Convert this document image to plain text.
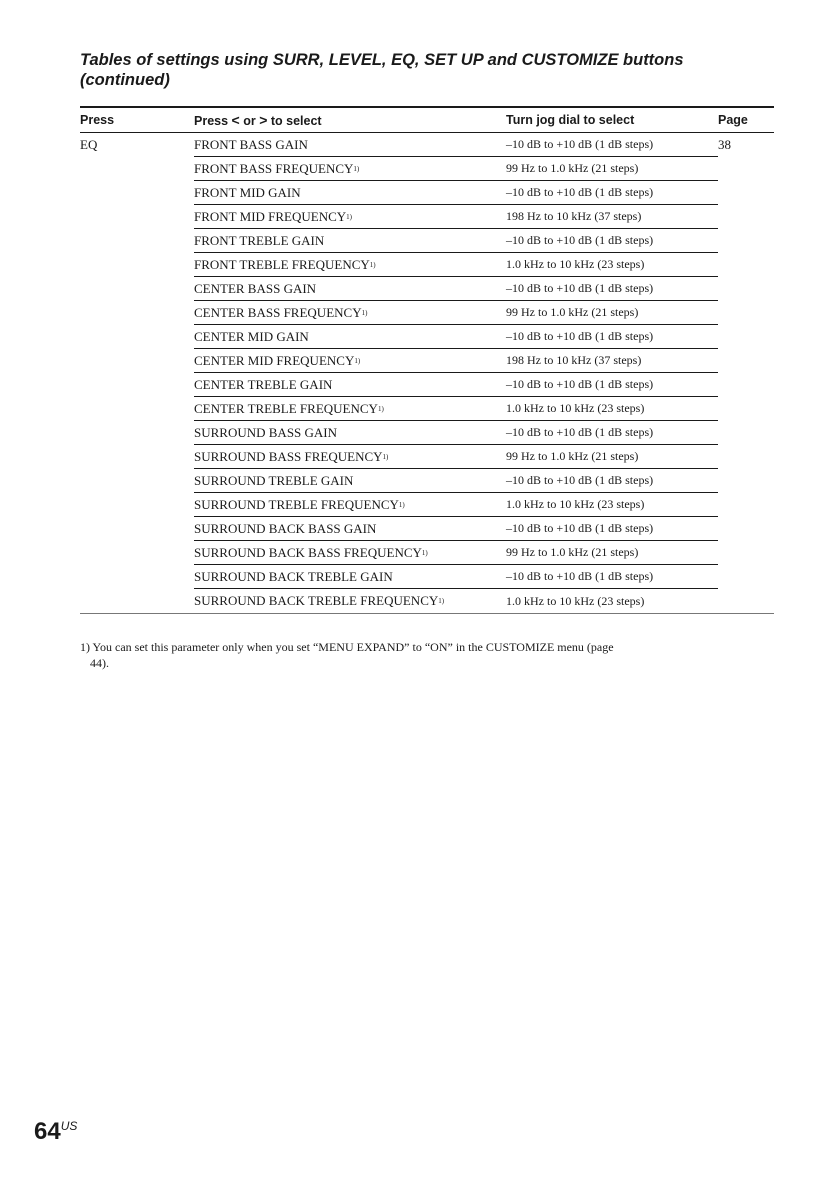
Tables of settings using SURR, LEVEL, EQ, SET UP and CUSTOMIZE buttons
(continued)
Press	Press < or > to select	Turn jog dial to select	Page
EQ	FRONT BASS GAIN	–10 dB to +10 dB (1 dB steps)	38
FRONT BASS FREQUENCY 1)	99 Hz to 1.0 kHz (21 steps)
FRONT MID GAIN	–10 dB to +10 dB (1 dB steps)
FRONT MID FREQUENCY 1)	198 Hz to 10 kHz (37 steps)
FRONT TREBLE GAIN	–10 dB to +10 dB (1 dB steps)
FRONT TREBLE FREQUENCY 1)	1.0 kHz to 10 kHz (23 steps)
CENTER BASS GAIN	–10 dB to +10 dB (1 dB steps)
CENTER BASS FREQUENCY 1)	99 Hz to 1.0 kHz (21 steps)
CENTER MID GAIN	–10 dB to +10 dB (1 dB steps)
CENTER MID FREQUENCY 1)	198 Hz to 10 kHz (37 steps)
CENTER TREBLE GAIN	–10 dB to +10 dB (1 dB steps)
CENTER TREBLE FREQUENCY 1)	1.0 kHz to 10 kHz (23 steps)
SURROUND BASS GAIN	–10 dB to +10 dB (1 dB steps)
SURROUND BASS FREQUENCY 1)	99 Hz to 1.0 kHz (21 steps)
SURROUND TREBLE GAIN	–10 dB to +10 dB (1 dB steps)
SURROUND TREBLE FREQUENCY 1)	1.0 kHz to 10 kHz (23 steps)
SURROUND BACK BASS GAIN	–10 dB to +10 dB (1 dB steps)
SURROUND BACK BASS FREQUENCY 1)	99 Hz to 1.0 kHz (21 steps)
SURROUND BACK TREBLE GAIN	–10 dB to +10 dB (1 dB steps)
SURROUND BACK TREBLE FREQUENCY 1)	1.0 kHz to 10 kHz (23 steps)
1) You can set this parameter only when you set “MENU EXPAND” to “ON” in the CUSTOMIZE menu (page
44).
$64^{US}$
